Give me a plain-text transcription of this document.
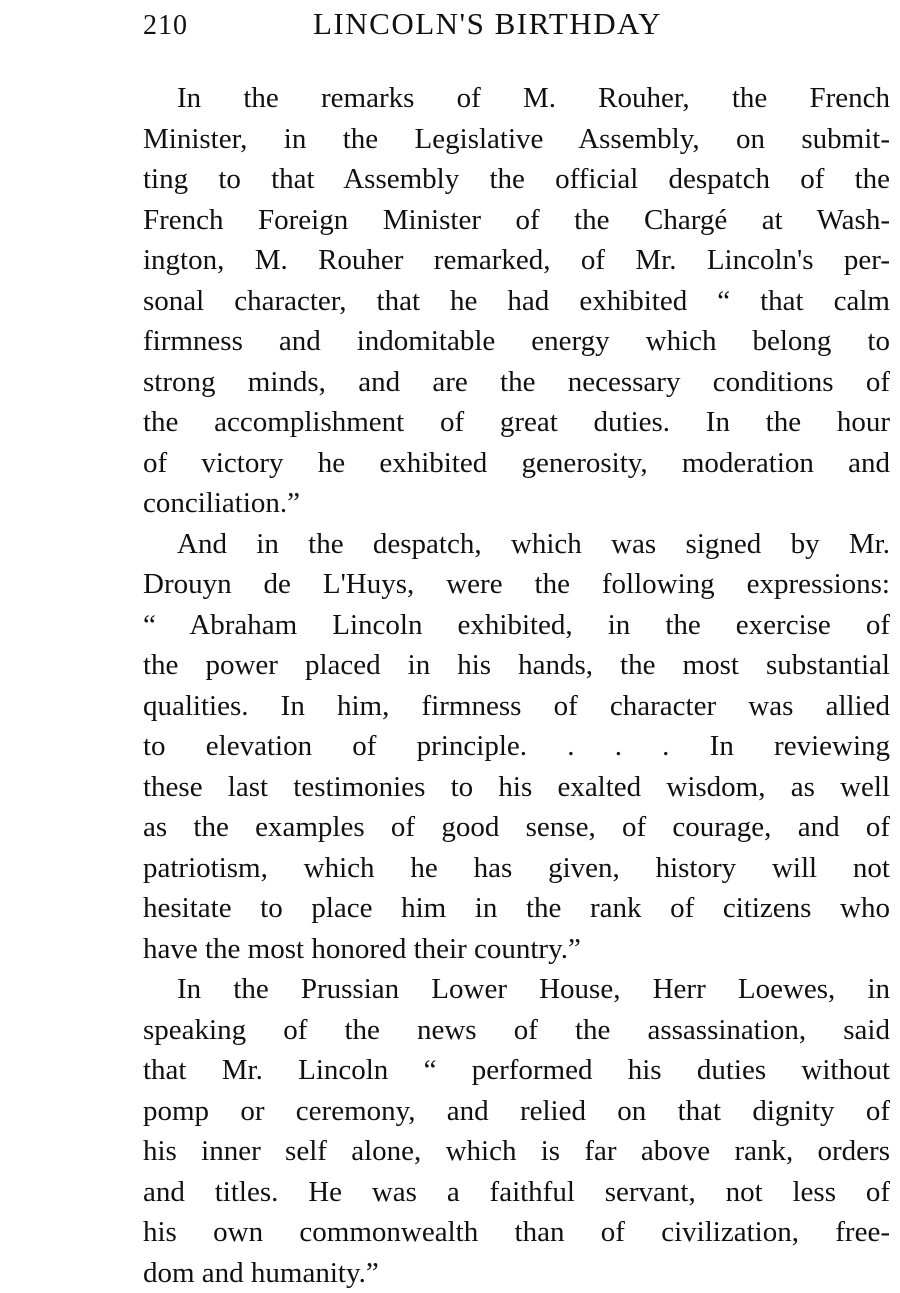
210	LINCOLN'S BIRTHDAY
In the remarks of M. Rouher, the French
Minister, in the Legislative Assembly, on submit-
ting to that Assembly the official despatch of the
French Foreign Minister of the Chargé at Wash-
ington, M. Rouher remarked, of Mr. Lincoln's per-
sonal character, that he had exhibited “ that calm
firmness and indomitable energy which belong to
strong minds, and are the necessary conditions of
the accomplishment of great duties. In the hour
of victory he exhibited generosity, moderation and
conciliation.”
And in the despatch, which was signed by Mr.
Drouyn de L'Huys, were the following expressions:
“ Abraham Lincoln exhibited, in the exercise of
the power placed in his hands, the most substantial
qualities. In him, firmness of character was allied
to elevation of principle. . . . In reviewing
these last testimonies to his exalted wisdom, as well
as the examples of good sense, of courage, and of
patriotism, which he has given, history will not
hesitate to place him in the rank of citizens who
have the most honored their country.”
In the Prussian Lower House, Herr Loewes, in
speaking of the news of the assassination, said
that Mr. Lincoln “ performed his duties without
pomp or ceremony, and relied on that dignity of
his inner self alone, which is far above rank, orders
and titles. He was a faithful servant, not less of
his own commonwealth than of civilization, free-
dom and humanity.”
